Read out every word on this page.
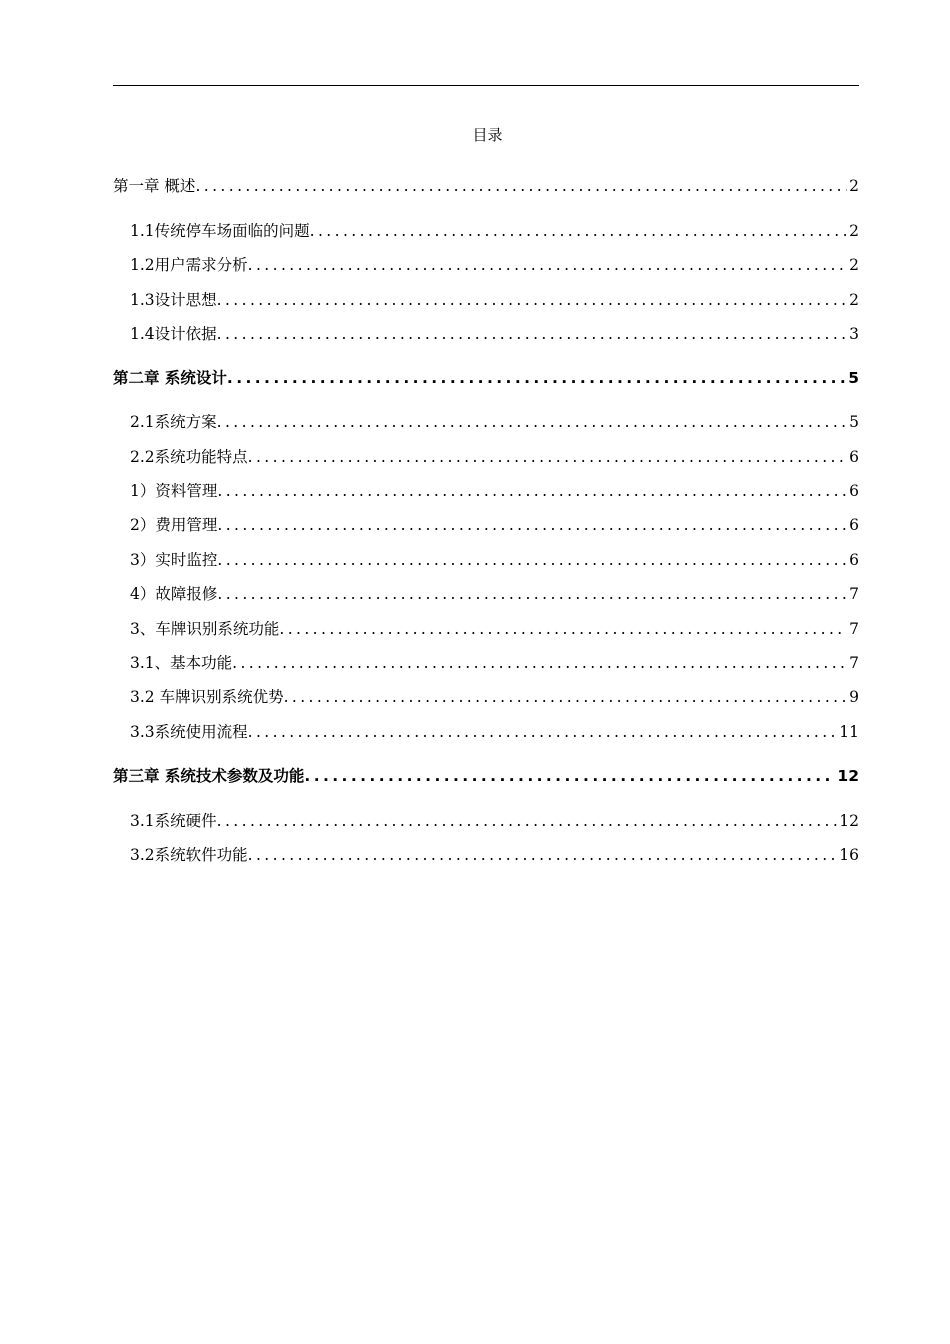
目录
第一章 概述 .....	2
1.1传统停车场面临的问题 .....	2
1.2用户需求分析 .....	2
1.3设计思想 .....	2
1.4设计依据 .....	3
第二章 系统设计 .....	5
2.1系统方案 .....	5
2.2系统功能特点 .....	6
1）资料管理 .....	6
2）费用管理 .....	6
3）实时监控 .....	6
4）故障报修 .....	7
3、车牌识别系统功能 .....	7
3.1、基本功能 .....	7
3.2 车牌识别系统优势 .....	9
3.3系统使用流程 .....	11
第三章 系统技术参数及功能 .....	12
3.1系统硬件 .....	12
3.2系统软件功能 .....	16
